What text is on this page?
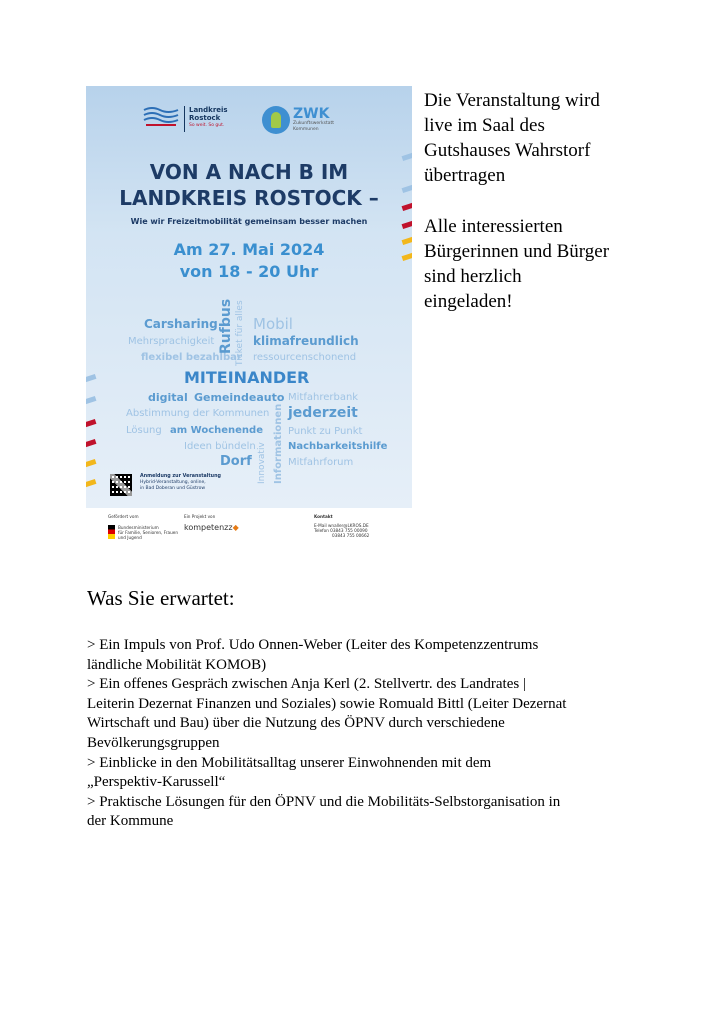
Landkreis
Rostock
So weit. So gut.
ZWK
Zukunftswerkstatt
Kommunen
VON A NACH B IM
LANDKREIS ROSTOCK –
Wie wir Freizeitmobilität gemeinsam besser machen
Am 27. Mai 2024
von 18 - 20 Uhr
Carsharing
Mehrsprachigkeit
flexibel bezahlbar
Rufbus Ticket für alles Mobil
klimafreundlich
ressourcenschonend
MITEINANDER
digital Gemeindeauto Mitfahrerbank
Abstimmung der Kommunen jederzeit
Lösung am Wochenende	Punkt zu Punkt
Ideen bündeln	Nachbarkeitshilfe
Dorf	Mitfahrforum
Innovativ Informationen
Anmeldung zur Veranstaltung
Hybrid-Veranstaltung, online,
in Bad Doberan und Güstrow
Gefördert vom
Bundesministerium
für Familie, Senioren, Frauen
und Jugend
Ein Projekt von
kompetenzz◆
Kontakt
E-Mail wnaller@LKROS.DE
Telefon 03843 755 00090
03843 755 00662
Die Veranstaltung wird
live im Saal des
Gutshauses Wahrstorf
übertragen
Alle interessierten
Bürgerinnen und Bürger
sind herzlich
eingeladen!
Was Sie erwartet:

> Ein Impuls von Prof. Udo Onnen-Weber (Leiter des Kompetenzzentrums

ländliche Mobilität KOMOB)

> Ein offenes Gespräch zwischen Anja Kerl (2. Stellvertr. des Landrates |

Leiterin Dezernat Finanzen und Soziales) sowie Romuald Bittl (Leiter Dezernat

Wirtschaft und Bau) über die Nutzung des ÖPNV durch verschiedene

Bevölkerungsgruppen

> Einblicke in den Mobilitätsalltag unserer Einwohnenden mit dem

„Perspektiv-Karussell“

> Praktische Lösungen für den ÖPNV und die Mobilitäts-Selbstorganisation in

der Kommune
